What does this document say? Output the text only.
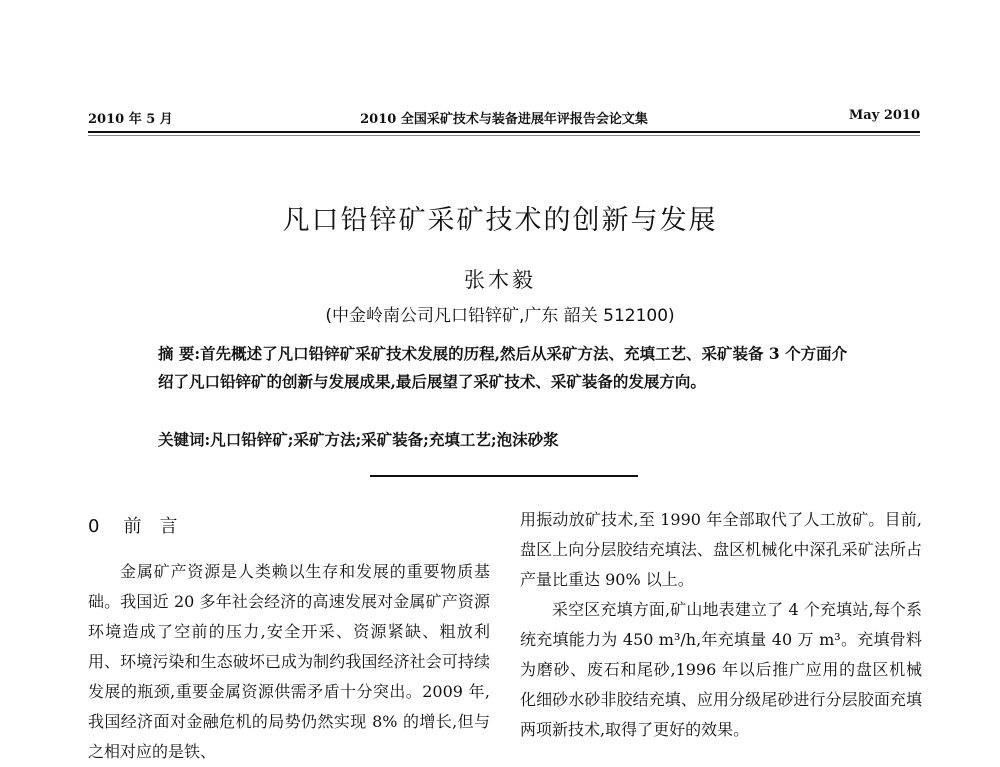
2010 年 5 月	2010 全国采矿技术与装备进展年评报告会论文集	May 2010
凡口铅锌矿采矿技术的创新与发展
张木毅
(中金岭南公司凡口铅锌矿,广东 韶关 512100)
摘 要:首先概述了凡口铅锌矿采矿技术发展的历程,然后从采矿方法、充填工艺、采矿装备 3 个方面介绍了凡口铅锌矿的创新与发展成果,最后展望了采矿技术、采矿装备的发展方向。
关键词:凡口铅锌矿;采矿方法;采矿装备;充填工艺;泡沫砂浆
0 前言

金属矿产资源是人类赖以生存和发展的重要物质基础。我国近 20 多年社会经济的高速发展对金属矿产资源环境造成了空前的压力,安全开采、资源紧缺、粗放利用、环境污染和生态破坏已成为制约我国经济社会可持续发展的瓶颈,重要金属资源供需矛盾十分突出。2009 年,我国经济面对金融危机的局势仍然实现 8% 的增长,但与之相对应的是铁、

用振动放矿技术,至 1990 年全部取代了人工放矿。目前,盘区上向分层胶结充填法、盘区机械化中深孔采矿法所占产量比重达 90% 以上。

采空区充填方面,矿山地表建立了 4 个充填站,每个系统充填能力为 450 m³/h,年充填量 40 万 m³。充填骨料为磨砂、废石和尾砂,1996 年以后推广应用的盘区机械化细砂水砂非胶结充填、应用分级尾砂进行分层胶面充填两项新技术,取得了更好的效果。
